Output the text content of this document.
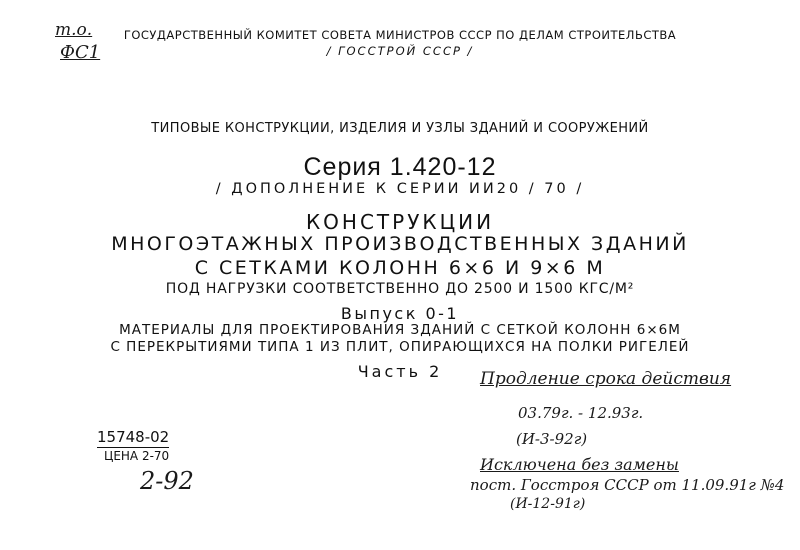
т.о.
ФС1
ГОСУДАРСТВЕННЫЙ КОМИТЕТ СОВЕТА МИНИСТРОВ СССР ПО ДЕЛАМ СТРОИТЕЛЬСТВА
/ ГОССТРОЙ СССР /
ТИПОВЫЕ КОНСТРУКЦИИ, ИЗДЕЛИЯ И УЗЛЫ ЗДАНИЙ И СООРУЖЕНИЙ
Серия 1.420-12
/ ДОПОЛНЕНИЕ К СЕРИИ ИИ20 / 70 /
КОНСТРУКЦИИ
МНОГОЭТАЖНЫХ ПРОИЗВОДСТВЕННЫХ ЗДАНИЙ
С СЕТКАМИ КОЛОНН 6×6 И 9×6 М
ПОД НАГРУЗКИ СООТВЕТСТВЕННО ДО 2500 И 1500 КГС/М²
Выпуск 0-1
МАТЕРИАЛЫ ДЛЯ ПРОЕКТИРОВАНИЯ ЗДАНИЙ С СЕТКОЙ КОЛОНН 6×6М
С ПЕРЕКРЫТИЯМИ ТИПА 1 ИЗ ПЛИТ, ОПИРАЮЩИХСЯ НА ПОЛКИ РИГЕЛЕЙ
Часть 2
15748-02
ЦЕНА 2-70
2-92
Продление срока действия
03.79г. - 12.93г.
(И-3-92г)
Исключена без замены
пост. Госстроя СССР от 11.09.91г №4
(И-12-91г)
